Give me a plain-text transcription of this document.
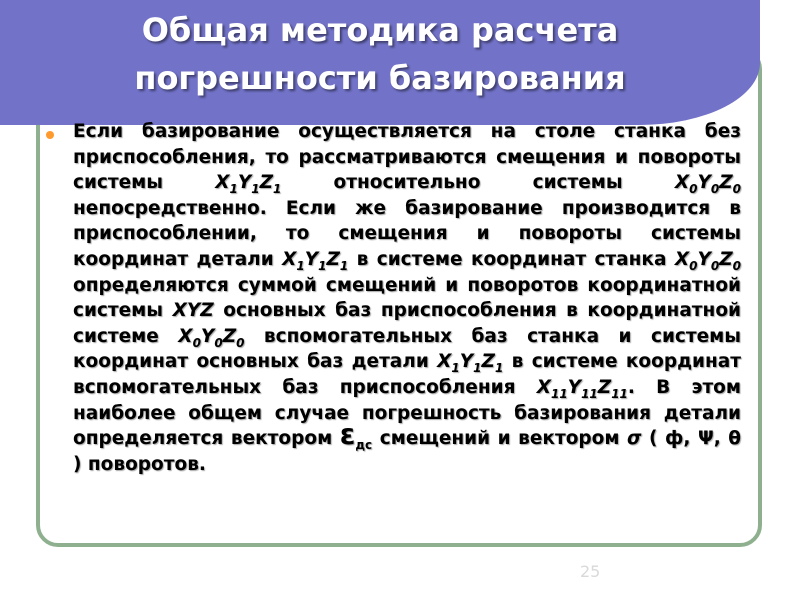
Общая методика расчета
погрешности базирования

Если базирование осуществляется на столе станка без приспособления, то рассматриваются смещения и повороты системы $X_1Y_1Z_1$ относительно системы $X_0Y_0Z_0$ непосредственно. Если же базирование производится в приспособлении, то смещения и повороты системы координат детали $X_1Y_1Z_1$ в системе координат станка $X_0Y_0Z_0$ определяются суммой смещений и поворотов координатной системы XYZ основных баз приспособления в координатной системе $X_0Y_0Z_0$ вспомогательных баз станка и системы координат основных баз детали $X_1Y_1Z_1$ в системе координат вспомогательных баз приспособления $X_{11}Y_{11}Z_{11}$. В этом наиболее общем случае погрешность базирования детали определяется вектором $\varepsilon_{дс}$ смещений и вектором σ ( ф, Ψ, θ ) поворотов.

25
